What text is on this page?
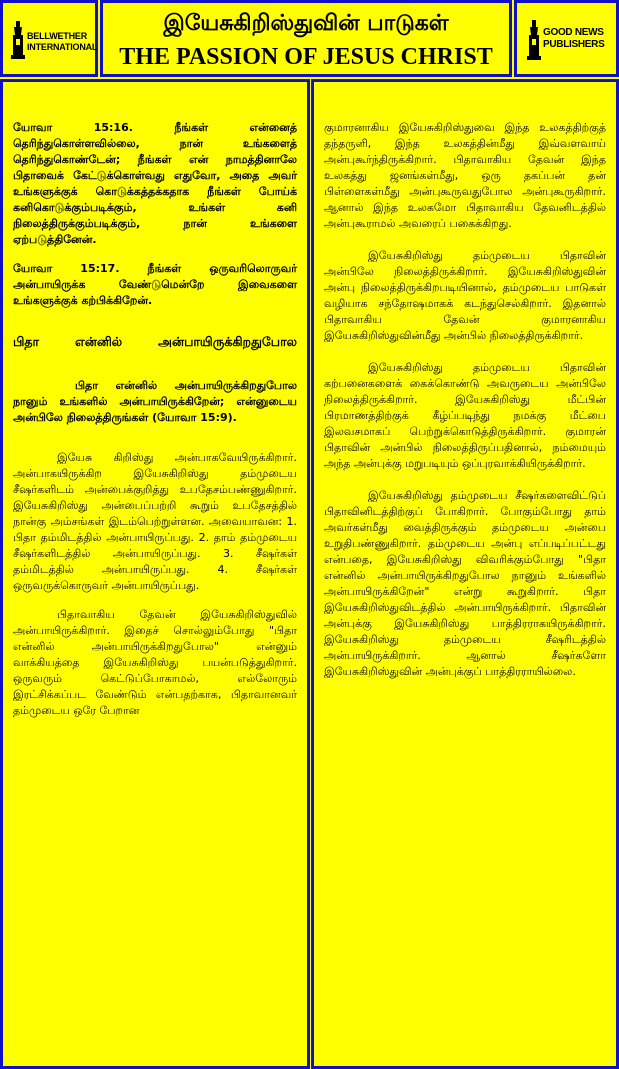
BELLWETHER
INTERNATIONAL
இயேசுகிறிஸ்துவின் பாடுகள்
THE PASSION OF JESUS CHRIST
GOOD NEWS
PUBLISHERS

யோவா 15:16. நீங்கள் என்னைத் தெரிந்துகொள்ளவில்லை, நான் உங்களைத் தெரிந்துகொண்டேன்; நீங்கள் என் நாமத்தினாலே பிதாவைக் கேட்டுக்கொள்வது எதுவோ, அதை அவர் உங்களுக்குக் கொடுக்கத்தக்கதாக நீங்கள் போய்க் கனிகொடுக்கும்படிக்கும், உங்கள் கனி நிலைத்திருக்கும்படிக்கும், நான் உங்களை ஏற்படுத்தினேன்.

யோவா 15:17. நீங்கள் ஒருவரிலொருவர் அன்பாயிருக்க வேண்டுமென்றே இவைகளை உங்களுக்குக் கற்பிக்கிறேன்.

பிதா என்னில் அன்பாயிருக்கிறதுபோல

பிதா என்னில் அன்பாயிருக்கிறதுபோல நானும் உங்களில் அன்பாயிருக்கிறேன்; என்னுடைய அன்பிலே நிலைத்திருங்கள் (யோவா 15:9).

இயேசு கிறிஸ்து அன்பாகவேயிருக்கிறார். அன்பாகயிருக்கிற இயேசுகிறிஸ்து தம்முடைய சீஷர்களிடம் அன்பைக்குறித்து உபதேசம்பண்ணுகிறார். இயேசுகிறிஸ்து அன்பைப்பற்றி கூறும் உபதேசத்தில் நான்கு அம்சங்கள் இடம்பெற்றுள்ளன. அவையாவன: 1. பிதா தம்மிடத்தில் அன்பாயிருப்பது. 2. தாம் தம்முடைய சீஷர்களிடத்தில் அன்பாயிருப்பது. 3. சீஷர்கள் தம்மிடத்தில் அன்பாயிருப்பது. 4. சீஷர்கள் ஒருவருக்கொருவர் அன்பாயிருப்பது.

பிதாவாகிய தேவன் இயேசுகிறிஸ்துவில் அன்பாயிருக்கிறார். இதைச் சொல்லும்போது "பிதா என்னில் அன்பாயிருக்கிறதுபோல" என்னும் வாக்கியத்தை இயேசுகிறிஸ்து பயன்படுத்துகிறார். ஒருவரும் கெட்டுப்போகாமல், எல்லோரும் இரட்சிக்கப்பட வேண்டும் என்பதற்காக, பிதாவானவர் தம்முடைய ஒரே பேறான

குமாரனாகிய இயேசுகிறிஸ்துவை இந்த உலகத்திற்குத் தந்தருளி, இந்த உலகத்தின்மீது இவ்வளவாய் அன்புகூர்ந்திருக்கிறார். பிதாவாகிய தேவன் இந்த உலகத்து ஜனங்கள்மீது, ஒரு தகப்பன் தன் பிள்ளைகள்மீது அன்புகூருவதுபோல அன்புகூருகிறார். ஆனால் இந்த உலகமோ பிதாவாகிய தேவனிடத்தில் அன்புகூராமல் அவரைப் பகைக்கிறது.

இயேசுகிறிஸ்து தம்முடைய பிதாவின் அன்பிலே நிலைத்திருக்கிறார். இயேசுகிறிஸ்துவின் அன்பு நிலைத்திருக்கிறபடியினால், தம்முடைய பாடுகள் வழியாக சந்தோஷமாகக் கடந்துசெல்கிறார். இதனால் பிதாவாகிய தேவன் குமாரனாகிய இயேசுகிறிஸ்துவின்மீது அன்பில் நிலைத்திருக்கிறார்.

இயேசுகிறிஸ்து தம்முடைய பிதாவின் கற்பனைகளைக் கைக்கொண்டு அவருடைய அன்பிலே நிலைத்திருக்கிறார். இயேசுகிறிஸ்து மீட்பின் பிரமாணத்திற்குக் கீழ்ப்படிந்து நமக்கு மீட்பை இலவசமாகப் பெற்றுக்கொடுத்திருக்கிறார். குமாரன் பிதாவின் அன்பில் நிலைத்திருப்பதினால், நம்மையும் அந்த அன்புக்கு மறுபடியும் ஒப்புரவாக்கியிருக்கிறார்.

இயேசுகிறிஸ்து தம்முடைய சீஷர்களைவிட்டுப் பிதாவினிடத்திற்குப் போகிறார். போகும்போது தாம் அவர்கள்மீது வைத்திருக்கும் தம்முடைய அன்பை உறுதிபண்ணுகிறார். தம்முடைய அன்பு எப்படிப்பட்டது என்பதை, இயேசுகிறிஸ்து விவரிக்கும்போது "பிதா என்னில் அன்பாயிருக்கிறதுபோல நானும் உங்களில் அன்பாயிருக்கிறேன்" என்று கூறுகிறார். பிதா இயேசுகிறிஸ்துவிடத்தில் அன்பாயிருக்கிறார். பிதாவின் அன்புக்கு இயேசுகிறிஸ்து பாத்திரராகயிருக்கிறார். இயேசுகிறிஸ்து தம்முடைய சீஷரிடத்தில் அன்பாயிருக்கிறார். ஆனால் சீஷர்களோ இயேசுகிறிஸ்துவின் அன்புக்குப் பாத்திரராயில்லை.
